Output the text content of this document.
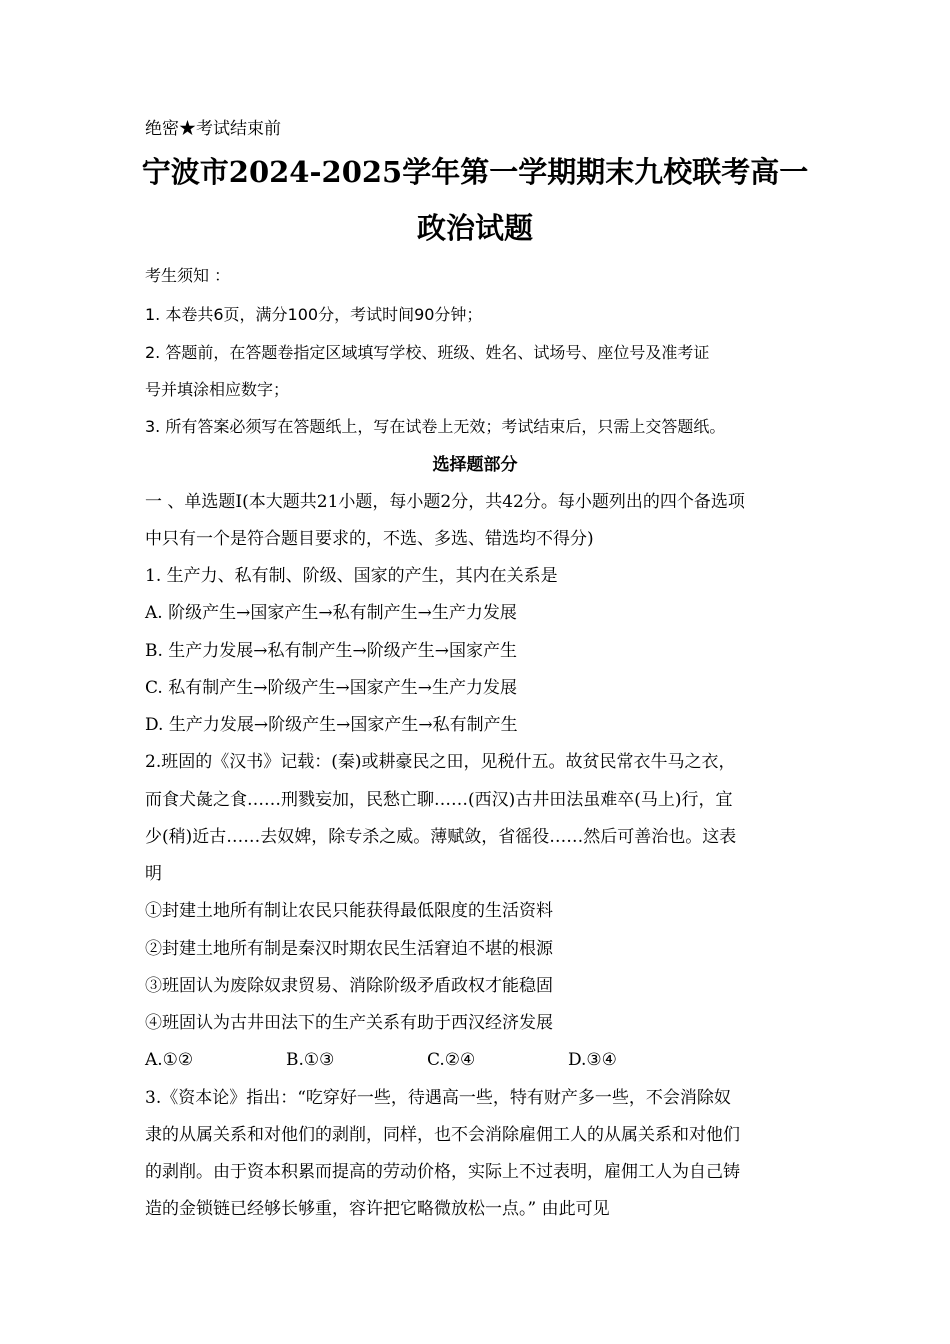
绝密★考试结束前
宁波市2024-2025学年第一学期期末九校联考高一
政治试题
考生须知 ：
1. 本卷共6页，满分100分，考试时间90分钟；
2. 答题前，在答题卷指定区域填写学校、班级、姓名、试场号、座位号及准考证
号并填涂相应数字；
3. 所有答案必须写在答题纸上，写在试卷上无效；考试结束后，只需上交答题纸。
选择题部分
一 、单选题I(本大题共21小题，每小题2分，共42分。每小题列出的四个备选项
中只有一个是符合题目要求的，不选、多选、错选均不得分)
1. 生产力、私有制、阶级、国家的产生，其内在关系是
A. 阶级产生→国家产生→私有制产生→生产力发展
B. 生产力发展→私有制产生→阶级产生→国家产生
C. 私有制产生→阶级产生→国家产生→生产力发展
D. 生产力发展→阶级产生→国家产生→私有制产生
2.班固的《汉书》记载：(秦)或耕豪民之田，见税什五。故贫民常衣牛马之衣，
而食犬彘之食……刑戮妄加，民愁亡聊……(西汉)古井田法虽难卒(马上)行，宜
少(稍)近古……去奴婢，除专杀之威。薄赋敛，省徭役……然后可善治也。这表
明
①封建土地所有制让农民只能获得最低限度的生活资料
②封建土地所有制是秦汉时期农民生活窘迫不堪的根源
③班固认为废除奴隶贸易、消除阶级矛盾政权才能稳固
④班固认为古井田法下的生产关系有助于西汉经济发展
A.①②	B.①③	C.②④	D.③④
3.《资本论》指出：“吃穿好一些，待遇高一些，特有财产多一些，不会消除奴
隶的从属关系和对他们的剥削，同样，也不会消除雇佣工人的从属关系和对他们
的剥削。由于资本积累而提高的劳动价格，实际上不过表明，雇佣工人为自己铸
造的金锁链已经够长够重，容许把它略微放松一点。” 由此可见
